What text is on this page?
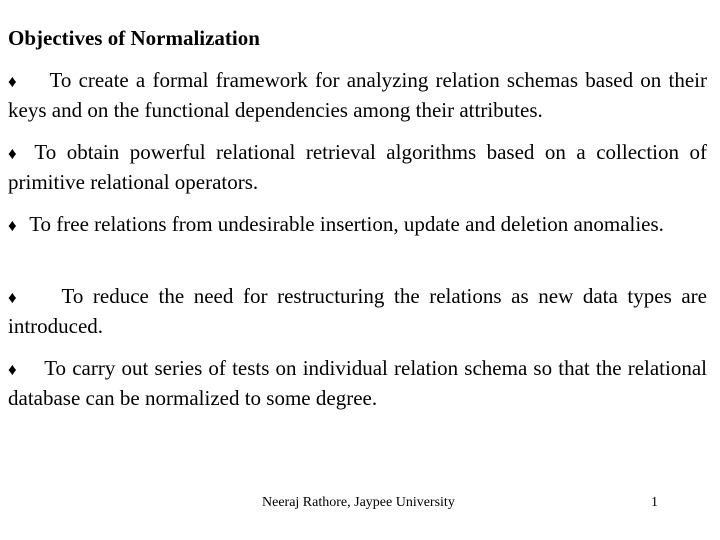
Objectives of Normalization
♦ To create a formal framework for analyzing relation schemas based on their keys and on the functional dependencies among their attributes.
♦ To obtain powerful relational retrieval algorithms based on a collection of primitive relational operators.
♦ To free relations from undesirable insertion, update and deletion anomalies.
♦ To reduce the need for restructuring the relations as new data types are introduced.
♦ To carry out series of tests on individual relation schema so that the relational database can be normalized to some degree.
Neeraj Rathore, Jaypee University	1
